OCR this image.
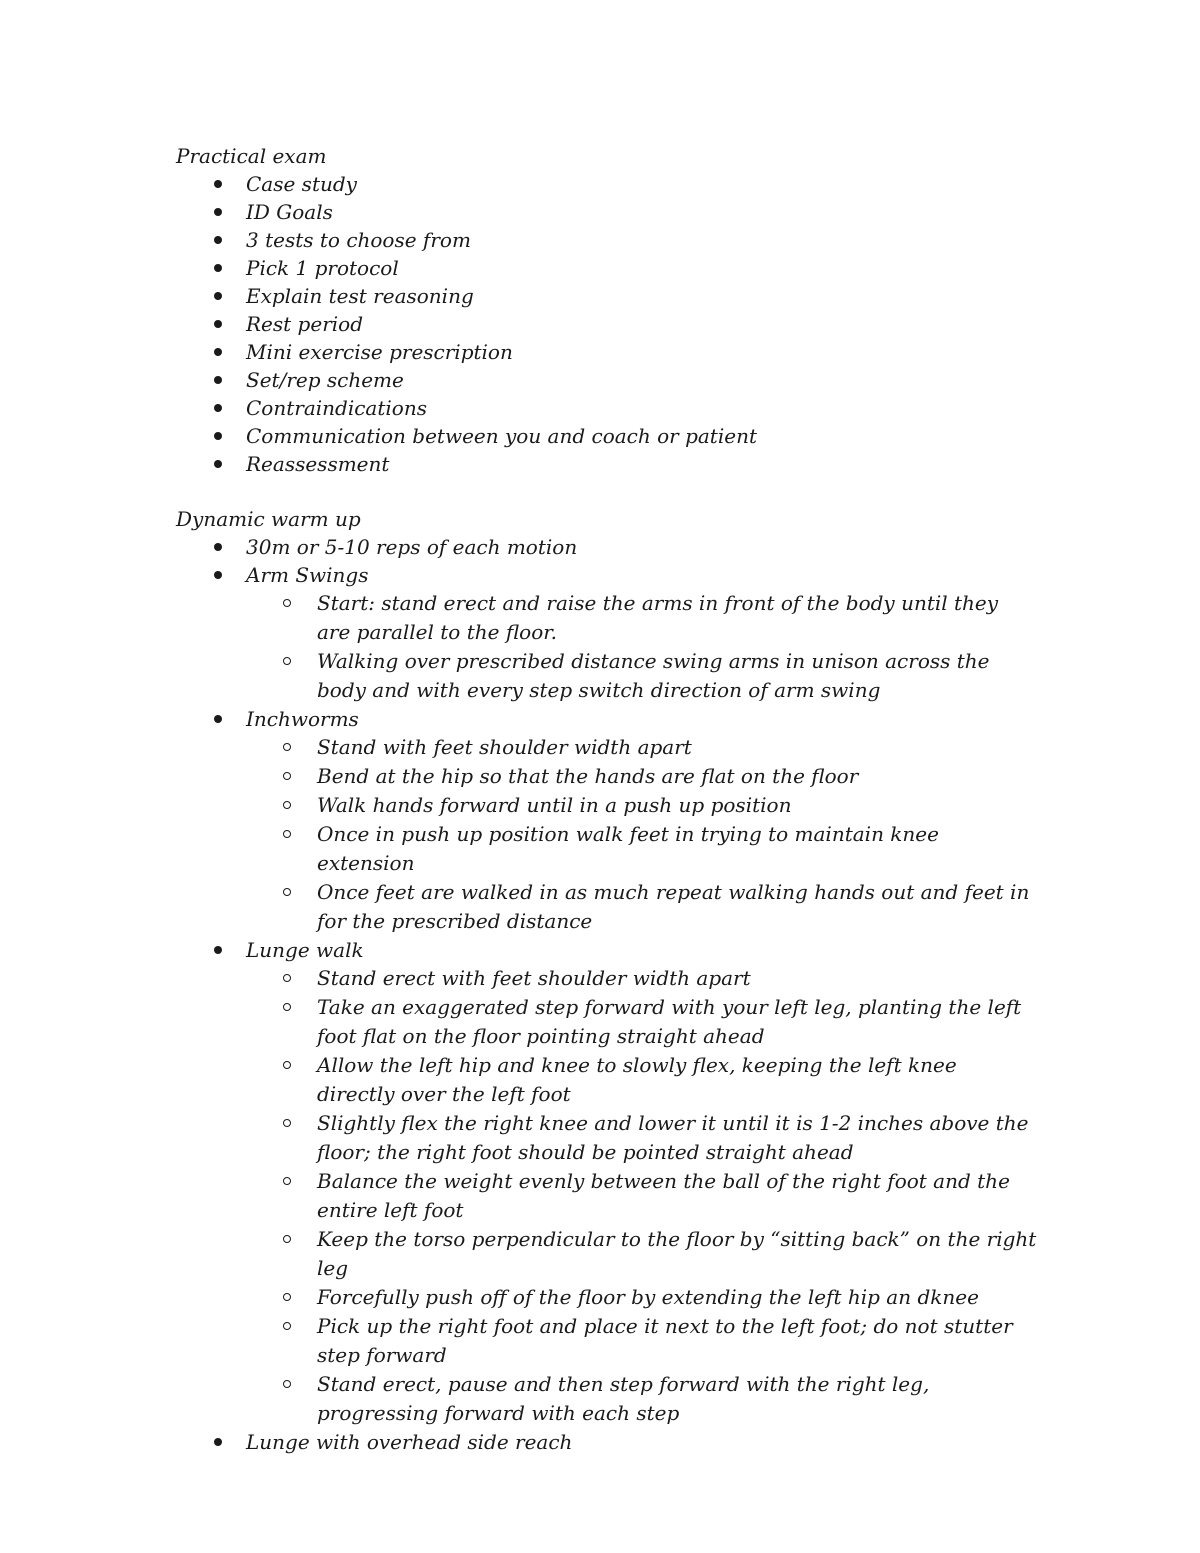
Practical exam
Case study
ID Goals
3 tests to choose from
Pick 1 protocol
Explain test reasoning
Rest period
Mini exercise prescription
Set/rep scheme
Contraindications
Communication between you and coach or patient
Reassessment
Dynamic warm up
30m or 5-10 reps of each motion
Arm Swings
Start: stand erect and raise the arms in front of the body until they are parallel to the floor.
Walking over prescribed distance swing arms in unison across the body and with every step switch direction of arm swing
Inchworms
Stand with feet shoulder width apart
Bend at the hip so that the hands are flat on the floor
Walk hands forward until in a push up position
Once in push up position walk feet in trying to maintain knee extension
Once feet are walked in as much repeat walking hands out and feet in for the prescribed distance
Lunge walk
Stand erect with feet shoulder width apart
Take an exaggerated step forward with your left leg, planting the left foot flat on the floor pointing straight ahead
Allow the left hip and knee to slowly flex, keeping the left knee directly over the left foot
Slightly flex the right knee and lower it until it is 1-2 inches above the floor; the right foot should be pointed straight ahead
Balance the weight evenly between the ball of the right foot and the entire left foot
Keep the torso perpendicular to the floor by “sitting back” on the right leg
Forcefully push off of the floor by extending the left hip an dknee
Pick up the right foot and place it next to the left foot; do not stutter step forward
Stand erect, pause and then step forward with the right leg, progressing forward with each step
Lunge with overhead side reach
